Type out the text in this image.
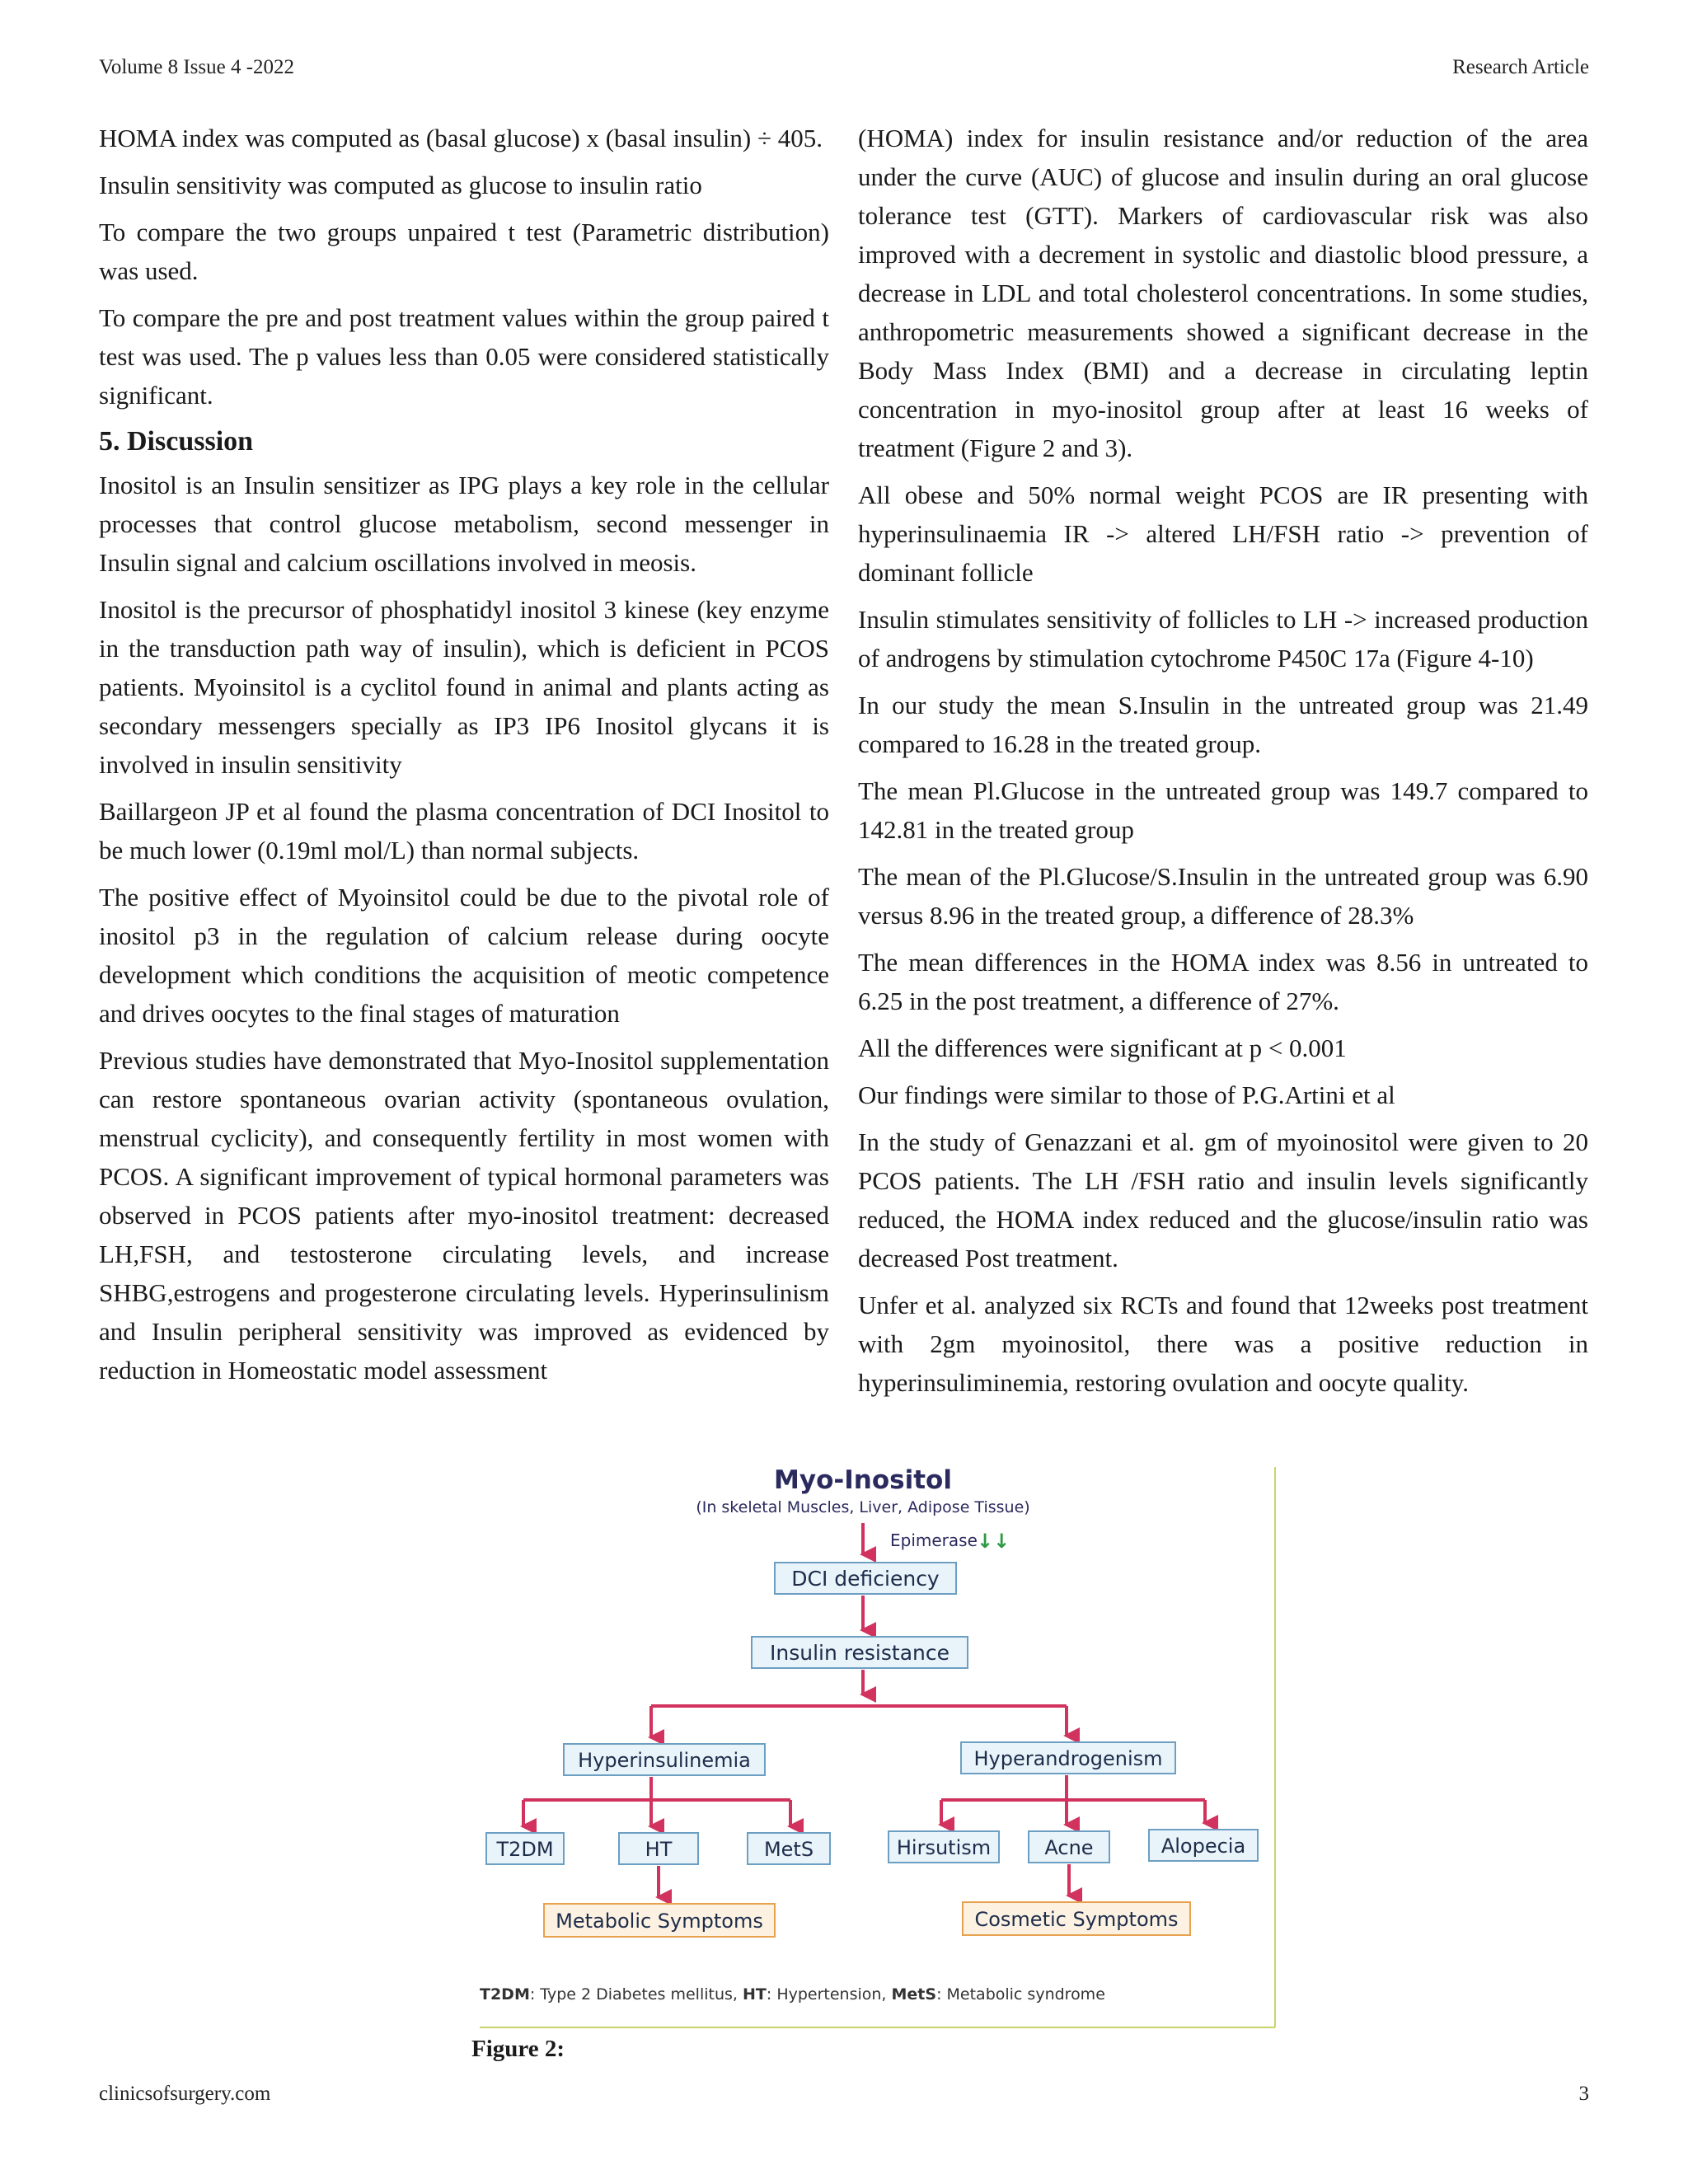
Volume 8 Issue 4 -2022	Research Article

HOMA index was computed as (basal glucose) x (basal insulin) ÷ 405.

Insulin sensitivity was computed as glucose to insulin ratio

To compare the two groups unpaired t test (Parametric distribution) was used.

To compare the pre and post treatment values within the group paired t test was used. The p values less than 0.05 were considered statistically significant.

5. Discussion

Inositol is an Insulin sensitizer as IPG plays a key role in the cellular processes that control glucose metabolism, second messenger in Insulin signal and calcium oscillations involved in meosis.

Inositol is the precursor of phosphatidyl inositol 3 kinese (key enzyme in the transduction path way of insulin), which is deficient in PCOS patients. Myoinsitol is a cyclitol found in animal and plants acting as secondary messengers specially as IP3 IP6 Inositol glycans it is involved in insulin sensitivity

Baillargeon JP et al found the plasma concentration of DCI Inositol to be much lower (0.19ml mol/L) than normal subjects.

The positive effect of Myoinsitol could be due to the pivotal role of inositol p3 in the regulation of calcium release during oocyte development which conditions the acquisition of meotic competence and drives oocytes to the final stages of maturation

Previous studies have demonstrated that Myo-Inositol supplementation can restore spontaneous ovarian activity (spontaneous ovulation, menstrual cyclicity), and consequently fertility in most women with PCOS. A significant improvement of typical hormonal parameters was observed in PCOS patients after myo-inositol treatment: decreased LH,FSH, and testosterone circulating levels, and increase SHBG,estrogens and progesterone circulating levels. Hyperinsulinism and Insulin peripheral sensitivity was improved as evidenced by reduction in Homeostatic model assessment

(HOMA) index for insulin resistance and/or reduction of the area under the curve (AUC) of glucose and insulin during an oral glucose tolerance test (GTT). Markers of cardiovascular risk was also improved with a decrement in systolic and diastolic blood pressure, a decrease in LDL and total cholesterol concentrations. In some studies, anthropometric measurements showed a significant decrease in the Body Mass Index (BMI) and a decrease in circulating leptin concentration in myo-inositol group after at least 16 weeks of treatment (Figure 2 and 3).

All obese and 50% normal weight PCOS are IR presenting with hyperinsulinaemia IR -> altered LH/FSH ratio -> prevention of dominant follicle

Insulin stimulates sensitivity of follicles to LH -> increased production of androgens by stimulation cytochrome P450C 17a (Figure 4-10)

In our study the mean S.Insulin in the untreated group was 21.49 compared to 16.28 in the treated group.

The mean Pl.Glucose in the untreated group was 149.7 compared to 142.81 in the treated group

The mean of the Pl.Glucose/S.Insulin in the untreated group was 6.90 versus 8.96 in the treated group, a difference of 28.3%

The mean differences in the HOMA index was 8.56 in untreated to 6.25 in the post treatment, a difference of 27%.

All the differences were significant at p < 0.001

Our findings were similar to those of P.G.Artini et al

In the study of Genazzani et al. gm of myoinositol were given to 20 PCOS patients. The LH /FSH ratio and insulin levels significantly reduced, the HOMA index reduced and the glucose/insulin ratio was decreased Post treatment.

Unfer et al. analyzed six RCTs and found that 12weeks post treatment with 2gm myoinositol, there was a positive reduction in hyperinsuliminemia, restoring ovulation and oocyte quality.

Myo-Inositol
(In skeletal Muscles, Liver, Adipose Tissue)
Epimerase ↓↓
DCI deficiency
Insulin resistance
Hyperinsulinemia	Hyperandrogenism
T2DM	HT	MetS	Hirsutism	Acne	Alopecia
Metabolic Symptoms	Cosmetic Symptoms
T2DM: Type 2 Diabetes mellitus, HT: Hypertension, MetS: Metabolic syndrome
Figure 2:
clinicsofsurgery.com	3
